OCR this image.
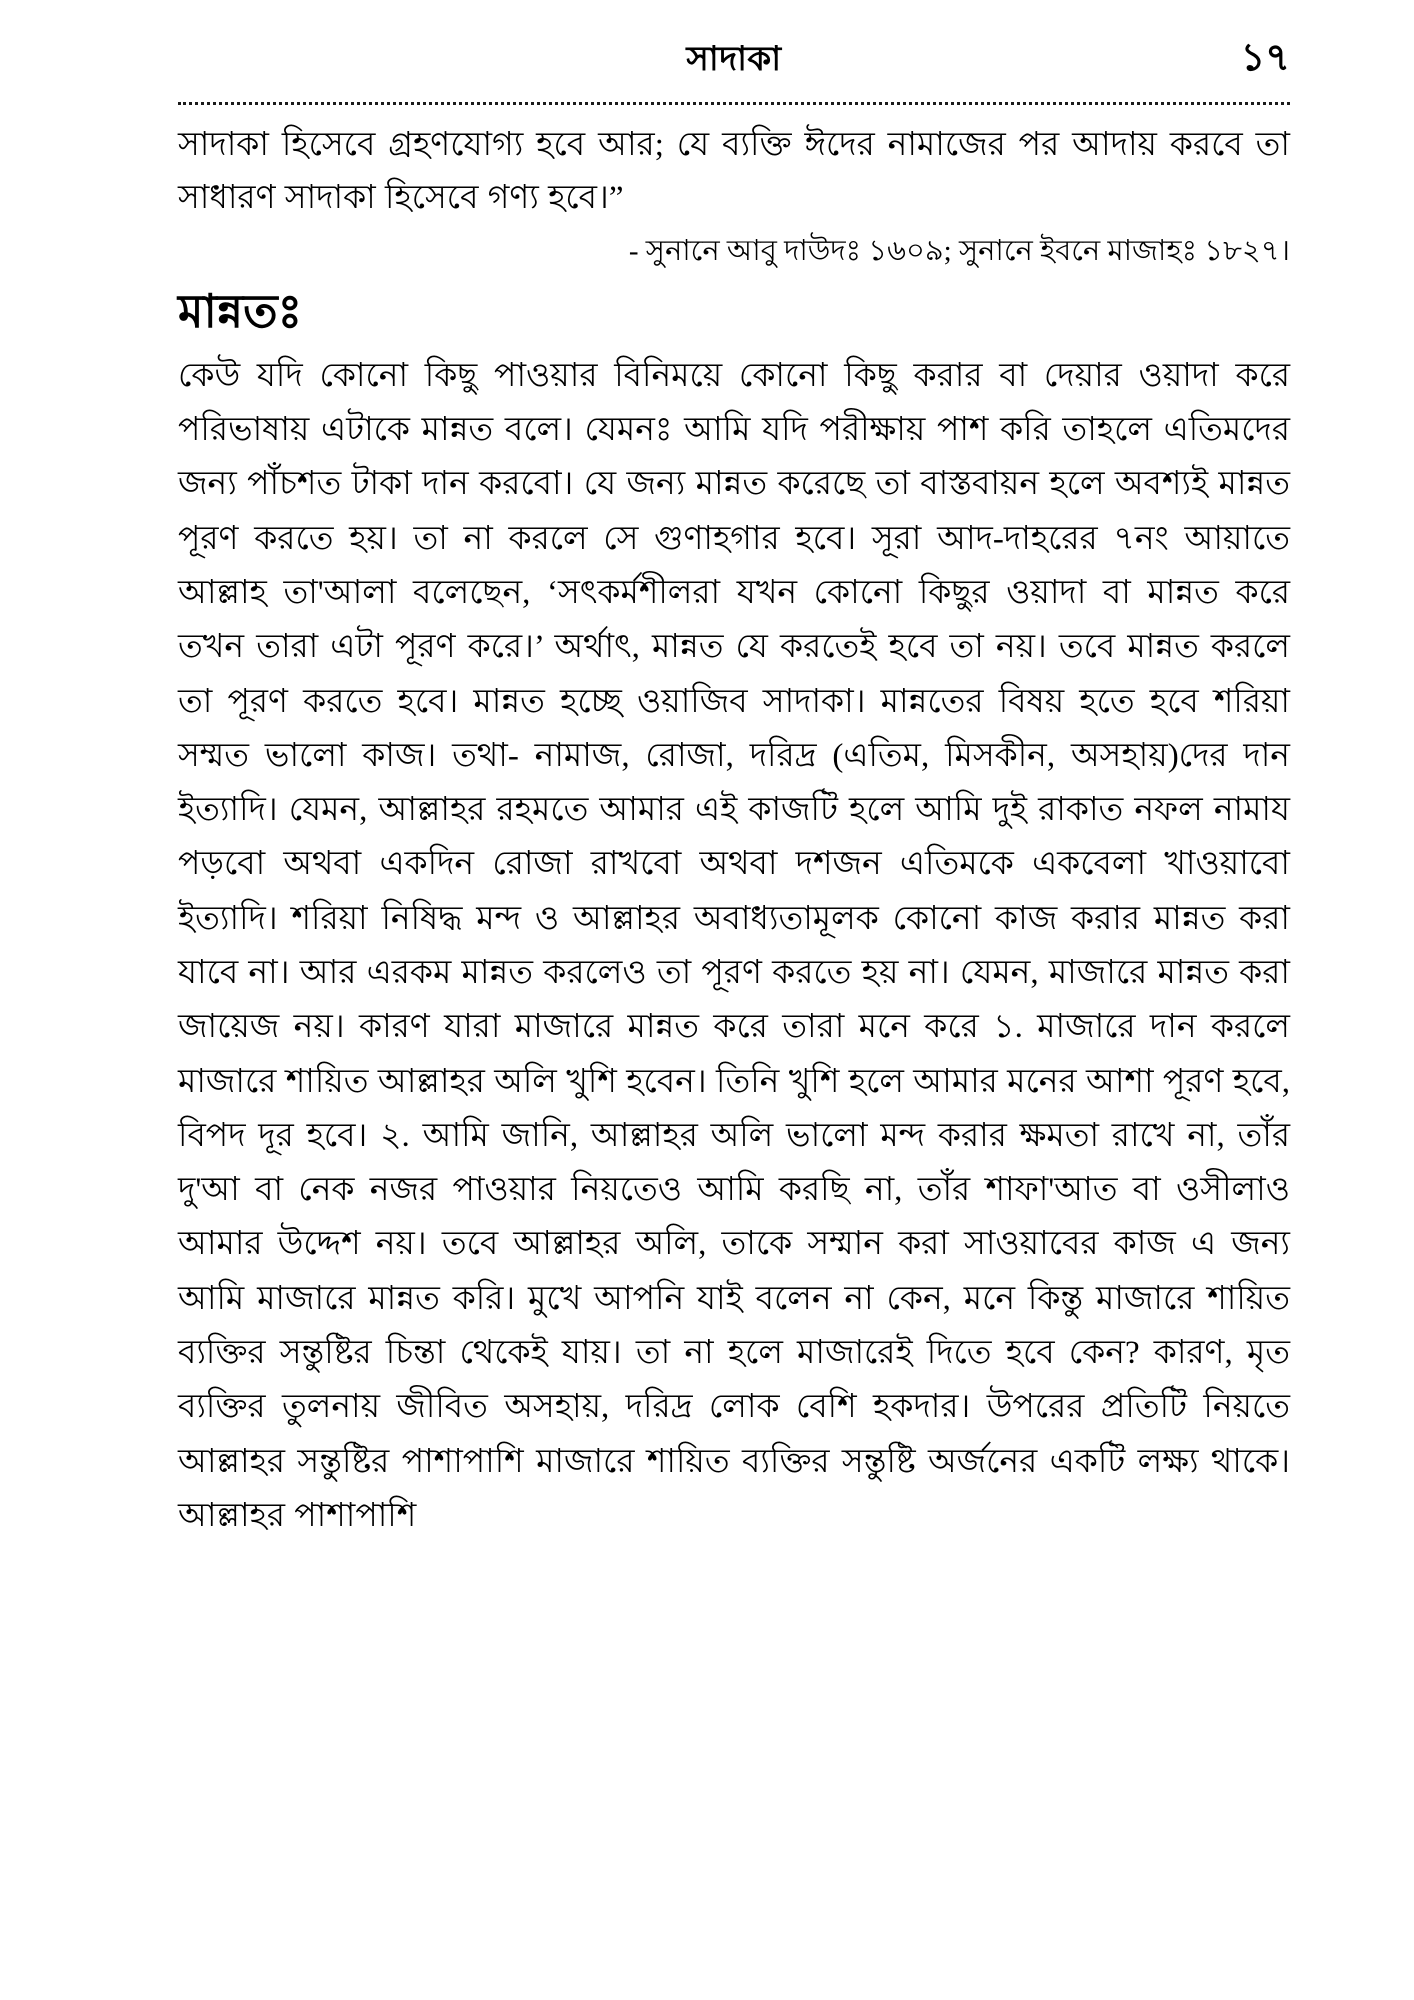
সাদাকা	১৭

সাদাকা হিসেবে গ্রহণযোগ্য হবে আর; যে ব্যক্তি ঈদের নামাজের পর আদায় করবে তা সাধারণ সাদাকা হিসেবে গণ্য হবে।”

- সুনানে আবু দাউদঃ ১৬০৯; সুনানে ইবনে মাজাহঃ ১৮২৭।

মান্নতঃ

কেউ যদি কোনো কিছু পাওয়ার বিনিময়ে কোনো কিছু করার বা দেয়ার ওয়াদা করে পরিভাষায় এটাকে মান্নত বলে। যেমনঃ আমি যদি পরীক্ষায় পাশ করি তাহলে এতিমদের জন্য পাঁচশত টাকা দান করবো। যে জন্য মান্নত করেছে তা বাস্তবায়ন হলে অবশ্যই মান্নত পূরণ করতে হয়। তা না করলে সে গুণাহগার হবে। সূরা আদ-দাহরের ৭নং আয়াতে আল্লাহ তা'আলা বলেছেন, ‘সৎকর্মশীলরা যখন কোনো কিছুর ওয়াদা বা মান্নত করে তখন তারা এটা পূরণ করে।’ অর্থাৎ, মান্নত যে করতেই হবে তা নয়। তবে মান্নত করলে তা পূরণ করতে হবে। মান্নত হচ্ছে ওয়াজিব সাদাকা। মান্নতের বিষয় হতে হবে শরিয়া সম্মত ভালো কাজ। তথা- নামাজ, রোজা, দরিদ্র (এতিম, মিসকীন, অসহায়)দের দান ইত্যাদি। যেমন, আল্লাহর রহমতে আমার এই কাজটি হলে আমি দুই রাকাত নফল নামায পড়বো অথবা একদিন রোজা রাখবো অথবা দশজন এতিমকে একবেলা খাওয়াবো ইত্যাদি। শরিয়া নিষিদ্ধ মন্দ ও আল্লাহর অবাধ্যতামূলক কোনো কাজ করার মান্নত করা যাবে না। আর এরকম মান্নত করলেও তা পূরণ করতে হয় না। যেমন, মাজারে মান্নত করা জায়েজ নয়। কারণ যারা মাজারে মান্নত করে তারা মনে করে ১. মাজারে দান করলে মাজারে শায়িত আল্লাহর অলি খুশি হবেন। তিনি খুশি হলে আমার মনের আশা পূরণ হবে, বিপদ দূর হবে। ২. আমি জানি, আল্লাহর অলি ভালো মন্দ করার ক্ষমতা রাখে না, তাঁর দু'আ বা নেক নজর পাওয়ার নিয়তেও আমি করছি না, তাঁর শাফা'আত বা ওসীলাও আমার উদ্দেশ নয়। তবে আল্লাহর অলি, তাকে সম্মান করা সাওয়াবের কাজ এ জন্য আমি মাজারে মান্নত করি। মুখে আপনি যাই বলেন না কেন, মনে কিন্তু মাজারে শায়িত ব্যক্তির সন্তুষ্টির চিন্তা থেকেই যায়। তা না হলে মাজারেই দিতে হবে কেন? কারণ, মৃত ব্যক্তির তুলনায় জীবিত অসহায়, দরিদ্র লোক বেশি হকদার। উপরের প্রতিটি নিয়তে আল্লাহর সন্তুষ্টির পাশাপাশি মাজারে শায়িত ব্যক্তির সন্তুষ্টি অর্জনের একটি লক্ষ্য থাকে। আল্লাহর পাশাপাশি
